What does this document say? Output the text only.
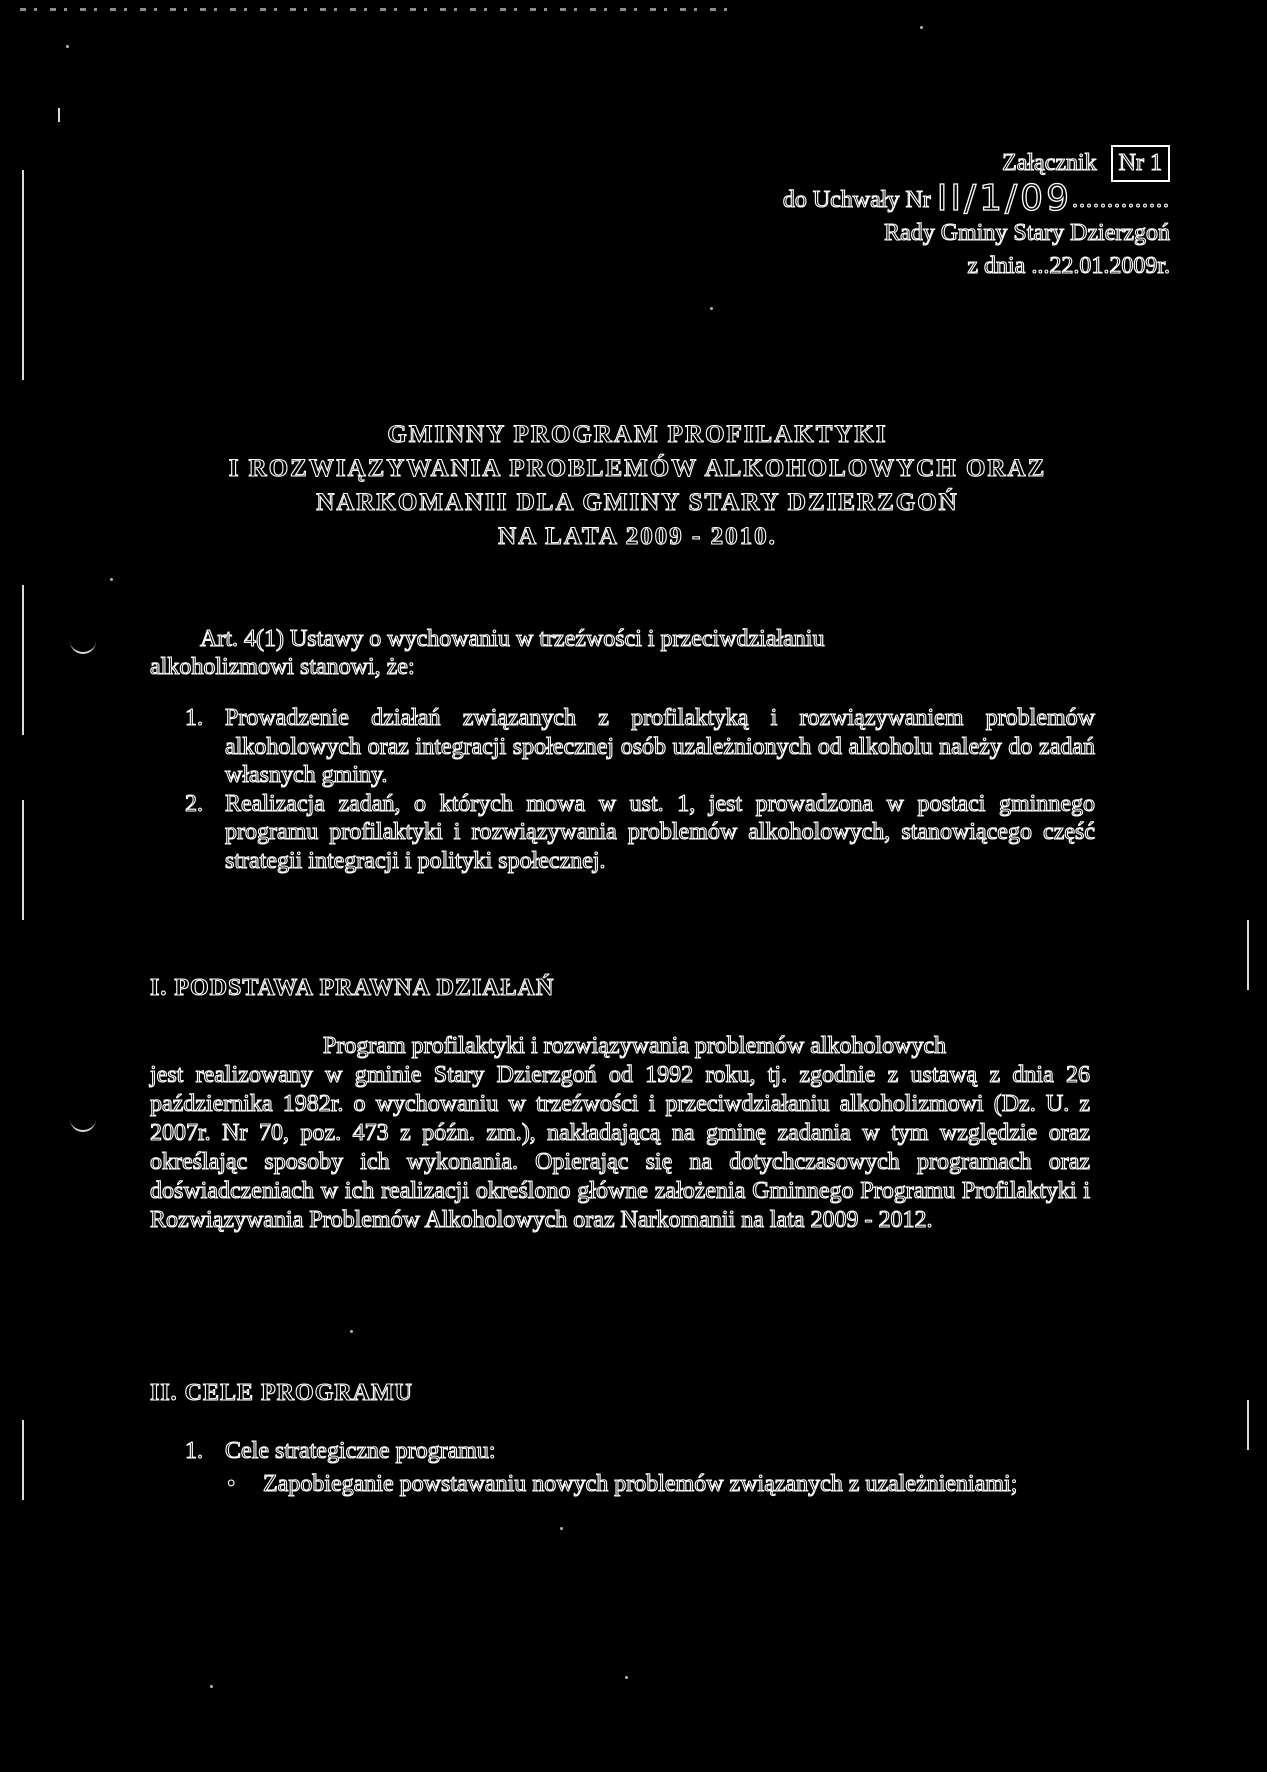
Załącznik Nr 1
do Uchwały Nr II/1/09..............
Rady Gminy Stary Dzierzgoń
z dnia ...22.01.2009r.
GMINNY PROGRAM PROFILAKTYKI
I ROZWIĄZYWANIA PROBLEMÓW ALKOHOLOWYCH ORAZ
NARKOMANII DLA GMINY STARY DZIERZGOŃ
NA LATA 2009 - 2010.
Art. 4(1) Ustawy o wychowaniu w trzeźwości i przeciwdziałaniu
alkoholizmowi stanowi, że:
1. Prowadzenie działań związanych z profilaktyką i rozwiązywaniem problemów alkoholowych oraz integracji społecznej osób uzależnionych od alkoholu należy do zadań własnych gminy.
2. Realizacja zadań, o których mowa w ust. 1, jest prowadzona w postaci gminnego programu profilaktyki i rozwiązywania problemów alkoholowych, stanowiącego część strategii integracji i polityki społecznej.
I. PODSTAWA PRAWNA DZIAŁAŃ
Program profilaktyki i rozwiązywania problemów alkoholowych
jest realizowany w gminie Stary Dzierzgoń od 1992 roku, tj. zgodnie z ustawą z dnia 26 października 1982r. o wychowaniu w trzeźwości i przeciwdziałaniu alkoholizmowi (Dz. U. z 2007r. Nr 70, poz. 473 z późn. zm.), nakładającą na gminę zadania w tym względzie oraz określając sposoby ich wykonania. Opierając się na dotychczasowych programach oraz doświadczeniach w ich realizacji określono główne założenia Gminnego Programu Profilaktyki i Rozwiązywania Problemów Alkoholowych oraz Narkomanii na lata 2009 - 2012.
II. CELE PROGRAMU
1. Cele strategiczne programu:
• Zapobieganie powstawaniu nowych problemów związanych z uzależnieniami;
